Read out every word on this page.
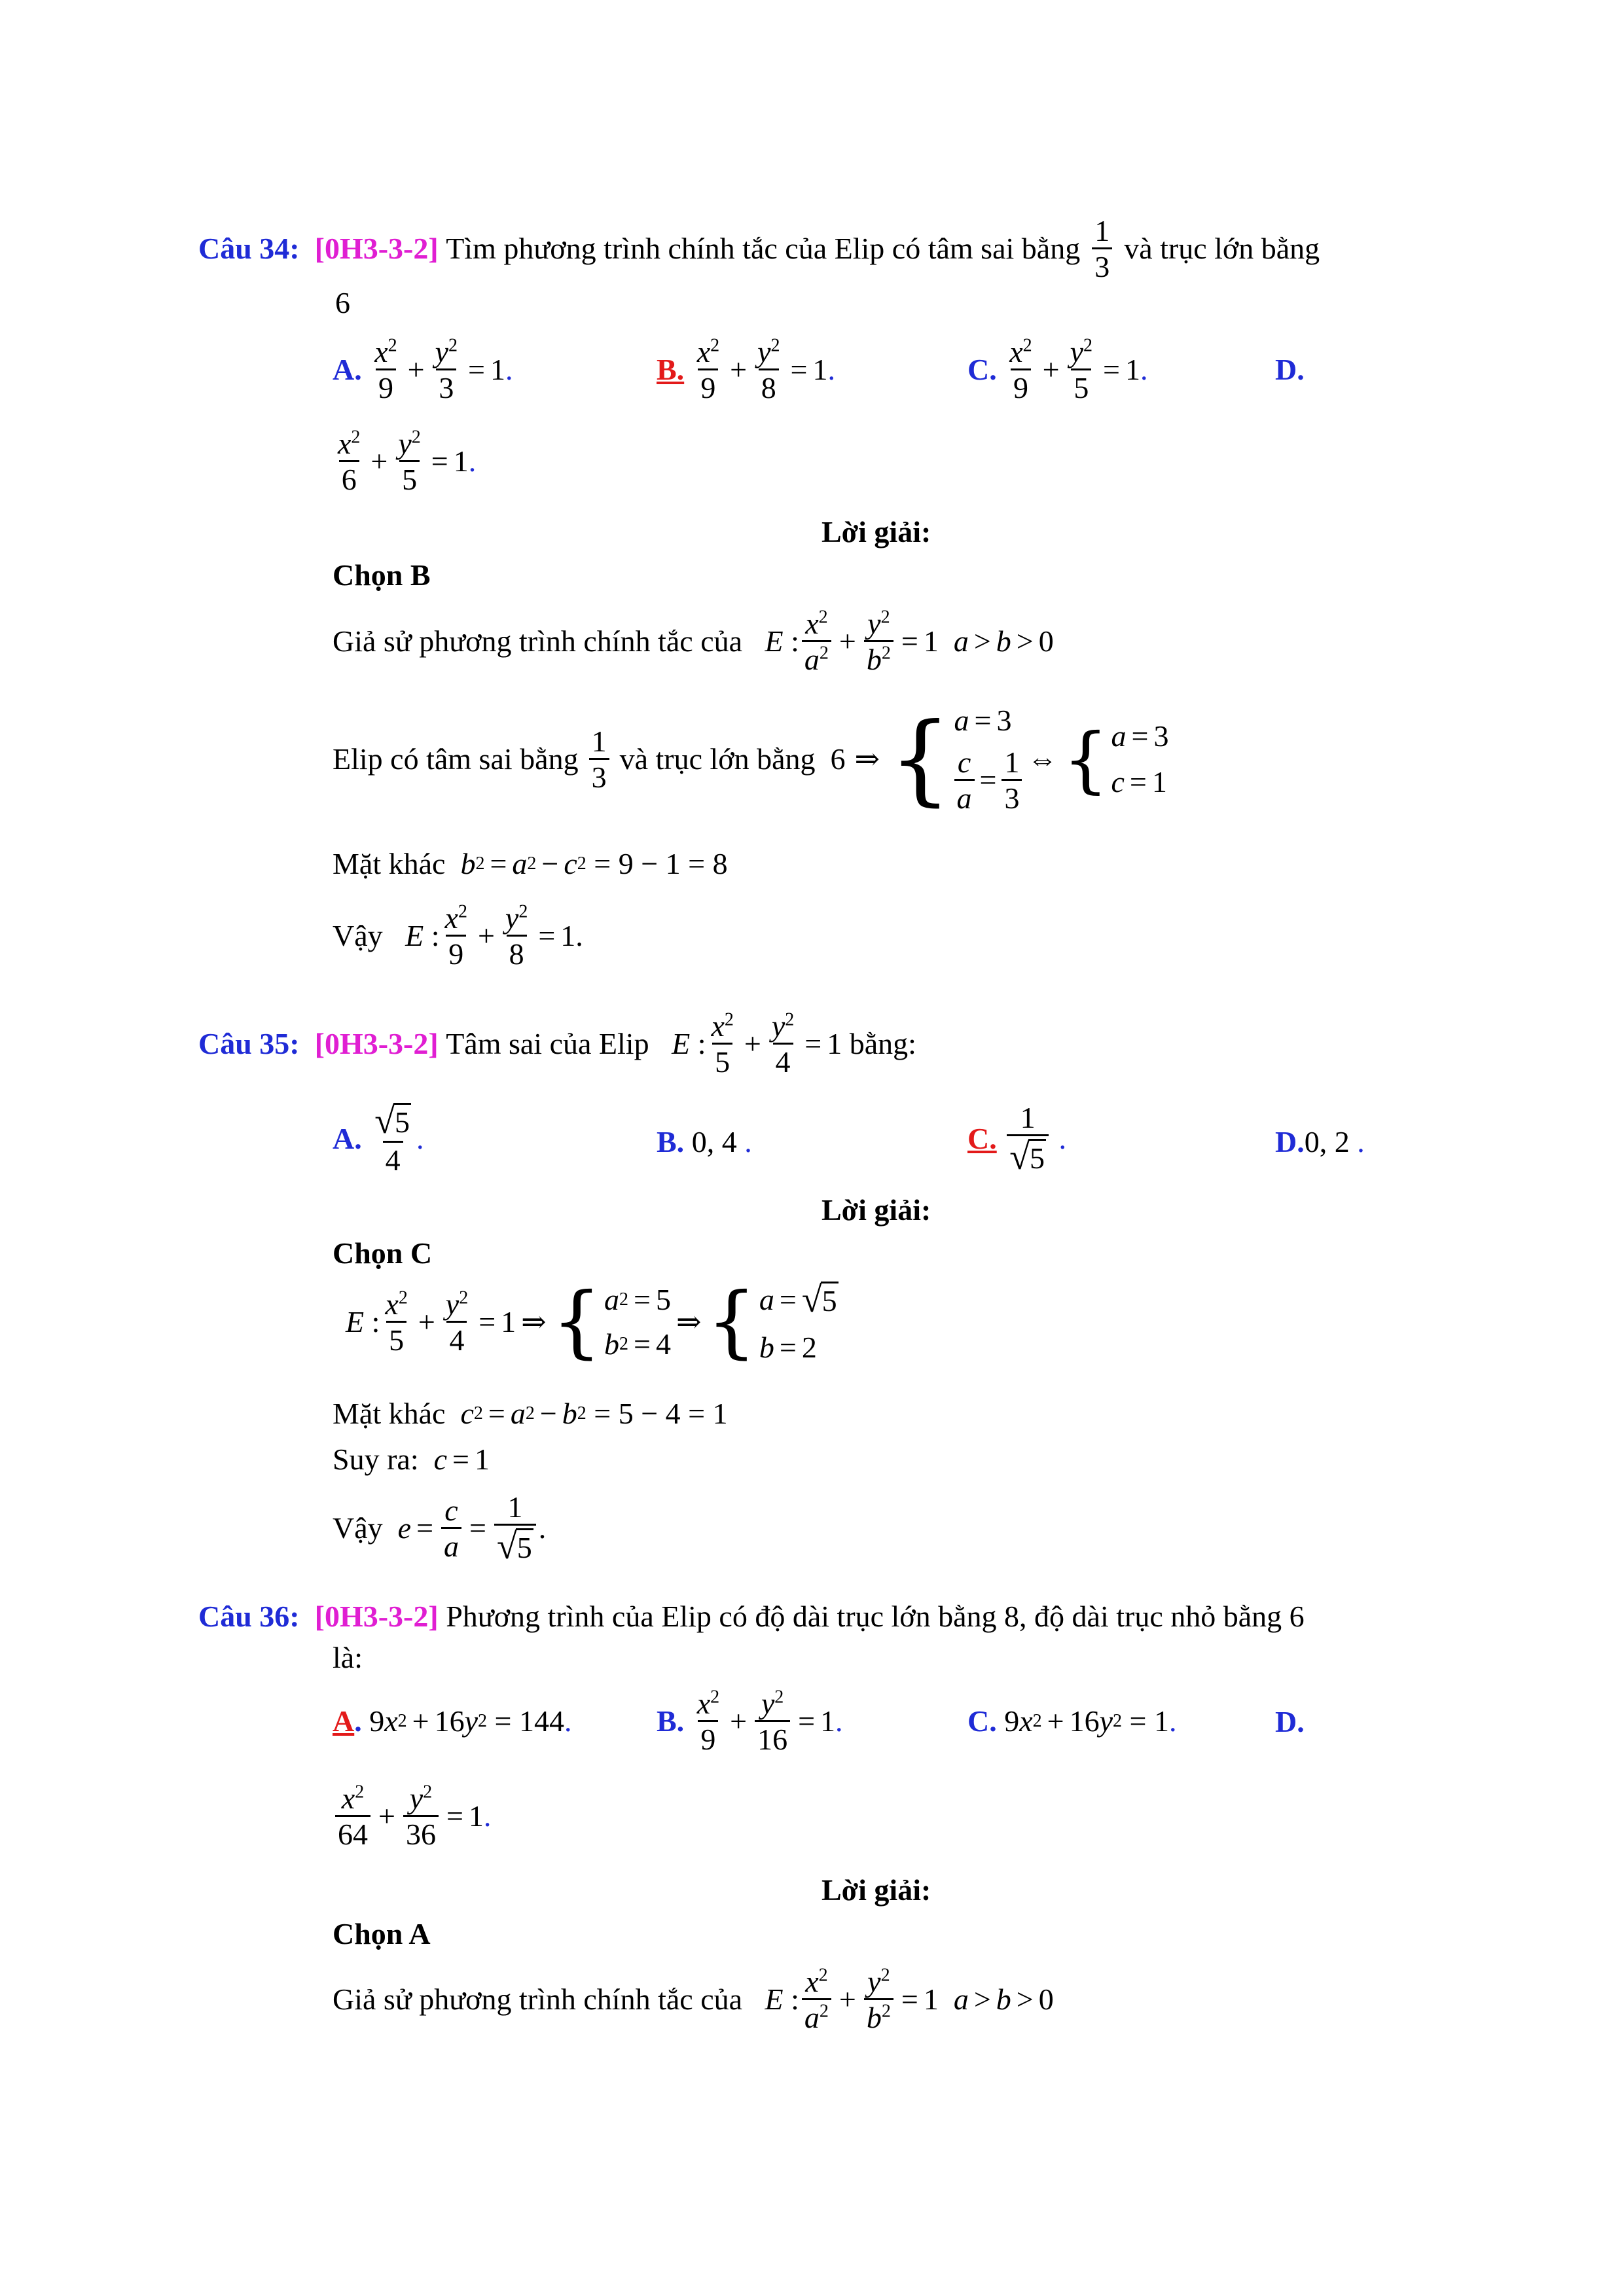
Câu 34:
[0H3-3-2]
Tìm phương trình chính tắc của Elip có tâm sai bằng $\frac{1}{3}$ và trục lớn bằng
6
A.
$\frac{x^2}{9} + \frac{y^2}{3} = 1$ .	B.
$\frac{x^2}{9} + \frac{y^2}{8} = 1$ .	C.
$\frac{x^2}{9} + \frac{y^2}{5} = 1$ .	D.
$\frac{x^2}{6} + \frac{y^2}{5} = 1$ .
Lời giải:
Chọn B
Giả sử phương trình chính tắc của
E
: $\frac{x^2}{a^2} + \frac{y^2}{b^2} = 1$
a > b > 0
Elip có tâm sai bằng $\frac{1}{3}$ và trục lớn bằng
6 ⇒ { a = 3
$\frac{c}{a} = \frac{1}{3}$ ⇔ { a = 3
c = 1
Mặt khác
b 2 = a 2 − c 2
= 9 − 1 = 8
Vậy
E
: $\frac{x^2}{9} + \frac{y^2}{8} = 1$ .
Câu 35:
[0H3-3-2]
Tâm sai của Elip
E
: $\frac{x^2}{5} + \frac{y^2}{4} = 1$
bằng:
A.
$\frac{√ 5}{4}$ .	B.
0, 4
.	C.
$\frac{1}{√ 5}$
.	D. 0, 2
.
Lời giải:
Chọn C
E
: $\frac{x^2}{5} + \frac{y^2}{4} = 1$ ⇒ { a 2 = 5
b 2 = 4
⇒ { a = √ 5
b = 2
Mặt khác
c 2 = a 2 − b 2
= 5 − 4 = 1
Suy ra:
c = 1
Vậy
$e = \frac{c}{a} = \frac{1}{√ 5}$ .
Câu 36:
[0H3-3-2]
Phương trình của Elip có độ dài trục lớn bằng 8, độ dài trục nhỏ bằng 6
là:
A .
9 x 2 + 16 y 2
= 144 .	B.
$\frac{x^2}{9} + \frac{y^2}{16} = 1$ .	C.
9 x 2 + 16 y 2
= 1 .	D.
$\frac{x^2}{64} + \frac{y^2}{36} = 1$ .
Lời giải:
Chọn A
Giả sử phương trình chính tắc của
E
: $\frac{x^2}{a^2} + \frac{y^2}{b^2} = 1$
a > b > 0
